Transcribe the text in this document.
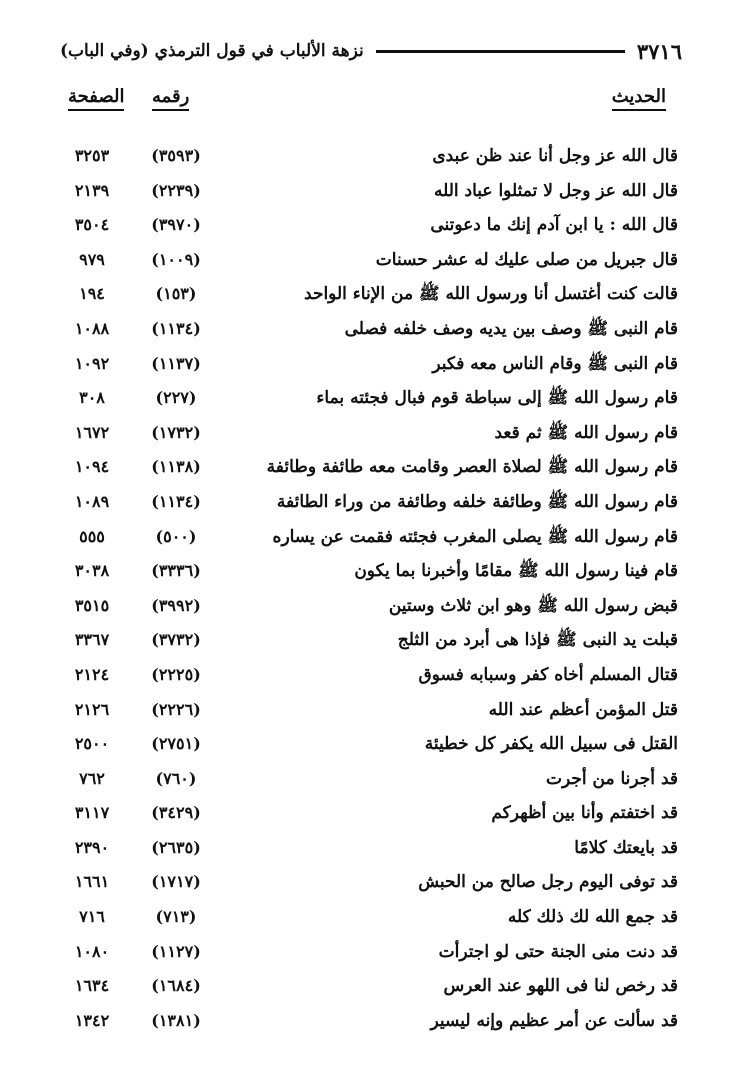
٣٧١٦
نزهة الألباب في قول الترمذي (وفي الباب)
الحديث
رقمه
الصفحة
قال الله عز وجل أنا عند ظن عبدى
(٣٥٩٣)
٣٢٥٣
قال الله عز وجل لا تمثلوا عباد الله
(٢٢٣٩)
٢١٣٩
قال الله : يا ابن آدم إنك ما دعوتنى
(٣٩٧٠)
٣٥٠٤
قال جبريل من صلى عليك له عشر حسنات
(١٠٠٩)
٩٧٩
قالت كنت أغتسل أنا ورسول الله ﷺ من الإناء الواحد
(١٥٣)
١٩٤
قام النبى ﷺ وصف بين يديه وصف خلفه فصلى
(١١٣٤)
١٠٨٨
قام النبى ﷺ وقام الناس معه فكبر
(١١٣٧)
١٠٩٢
قام رسول الله ﷺ إلى سباطة قوم فبال فجئته بماء
(٢٢٧)
٣٠٨
قام رسول الله ﷺ ثم قعد
(١٧٣٢)
١٦٧٢
قام رسول الله ﷺ لصلاة العصر وقامت معه طائفة وطائفة
(١١٣٨)
١٠٩٤
قام رسول الله ﷺ وطائفة خلفه وطائفة من وراء الطائفة
(١١٣٤)
١٠٨٩
قام رسول الله ﷺ يصلى المغرب فجئته فقمت عن يساره
(٥٠٠)
٥٥٥
قام فينا رسول الله ﷺ مقامًا وأخبرنا بما يكون
(٣٣٣٦)
٣٠٣٨
قبض رسول الله ﷺ وهو ابن ثلاث وستين
(٣٩٩٢)
٣٥١٥
قبلت يد النبى ﷺ فإذا هى أبرد من الثلج
(٣٧٣٢)
٣٣٦٧
قتال المسلم أخاه كفر وسبابه فسوق
(٢٢٢٥)
٢١٢٤
قتل المؤمن أعظم عند الله
(٢٢٢٦)
٢١٢٦
القتل فى سبيل الله يكفر كل خطيئة
(٢٧٥١)
٢٥٠٠
قد أجرنا من أجرت
(٧٦٠)
٧٦٢
قد اختفتم وأنا بين أظهركم
(٣٤٢٩)
٣١١٧
قد بايعتك كلامًا
(٢٦٣٥)
٢٣٩٠
قد توفى اليوم رجل صالح من الحبش
(١٧١٧)
١٦٦١
قد جمع الله لك ذلك كله
(٧١٣)
٧١٦
قد دنت منى الجنة حتى لو اجترأت
(١١٢٧)
١٠٨٠
قد رخص لنا فى اللهو عند العرس
(١٦٨٤)
١٦٣٤
قد سألت عن أمر عظيم وإنه ليسير
(١٣٨١)
١٣٤٢
